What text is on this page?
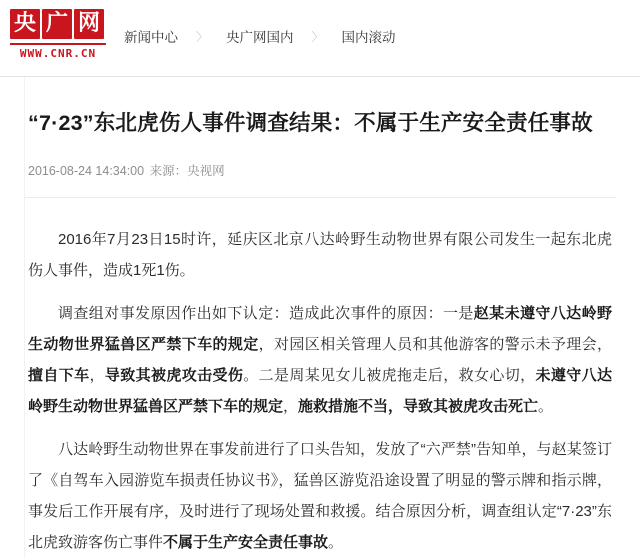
央 广 网
WWW.CNR.CN
新闻中心	〉	央广网国内	〉	国内滚动
“7·23”东北虎伤人事件调查结果：不属于生产安全责任事故
2016-08-24 14:34:00 来源：央视网

2016年7月23日15时许，延庆区北京八达岭野生动物世界有限公司发生一起东北虎伤人事件，造成1死1伤。

调查组对事发原因作出如下认定：造成此次事件的原因：一是赵某未遵守八达岭野生动物世界猛兽区严禁下车的规定，对园区相关管理人员和其他游客的警示未予理会，擅自下车，导致其被虎攻击受伤。二是周某见女儿被虎拖走后，救女心切，未遵守八达岭野生动物世界猛兽区严禁下车的规定，施救措施不当，导致其被虎攻击死亡。

八达岭野生动物世界在事发前进行了口头告知，发放了“六严禁”告知单，与赵某签订了《自驾车入园游览车损责任协议书》，猛兽区游览沿途设置了明显的警示牌和指示牌，事发后工作开展有序，及时进行了现场处置和救援。结合原因分析，调查组认定“7·23”东北虎致游客伤亡事件不属于生产安全责任事故。
